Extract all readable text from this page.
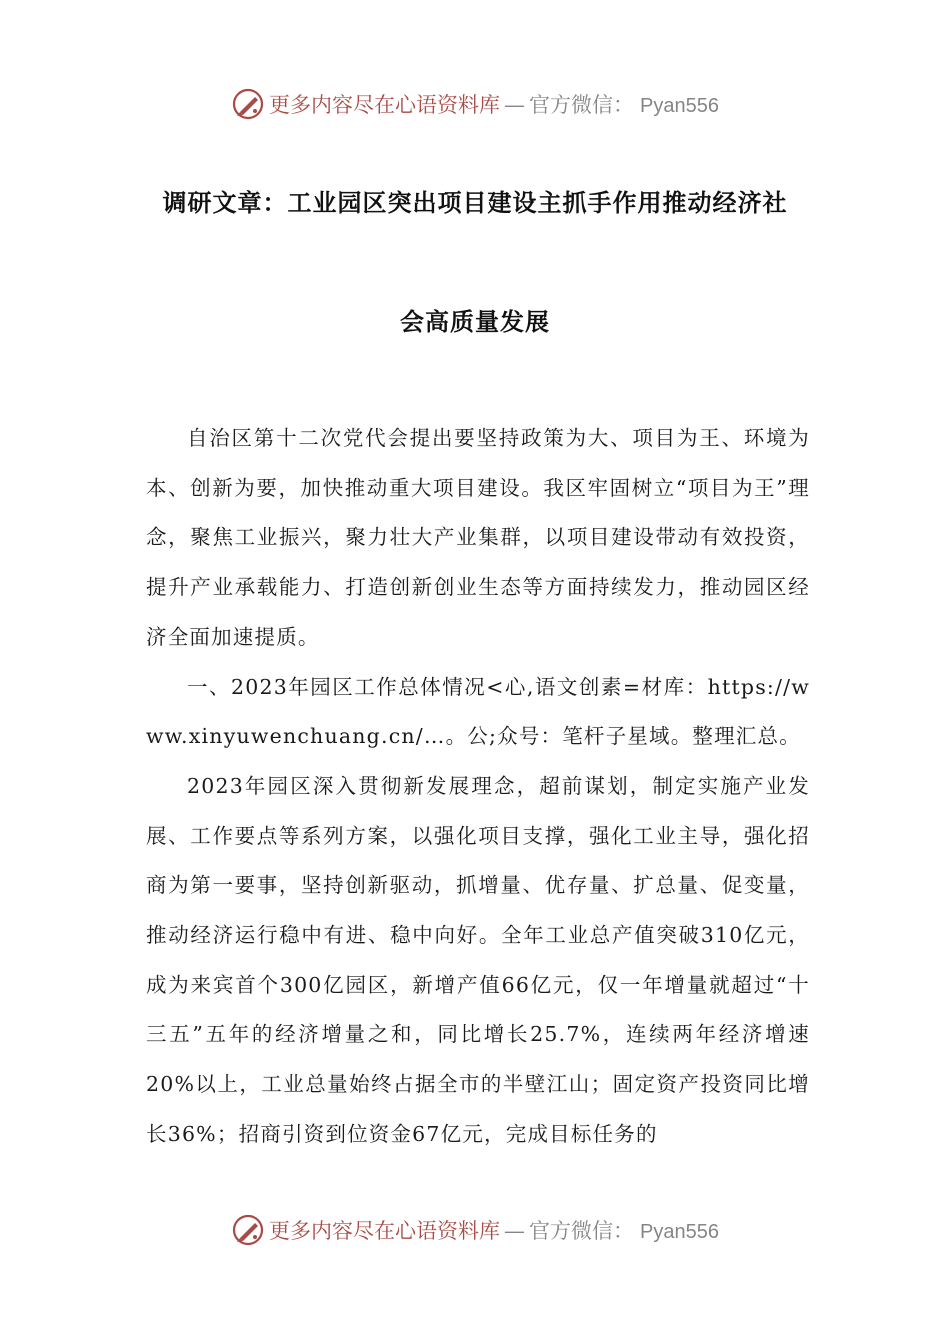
更多内容尽在心语资料库 — 官方微信： Pyan556
调研文章：工业园区突出项目建设主抓手作用推动经济社
会高质量发展

自治区第十二次党代会提出要坚持政策为大、项目为王、环境为本、创新为要，加快推动重大项目建设。我区牢固树立“项目为王”理念，聚焦工业振兴，聚力壮大产业集群，以项目建设带动有效投资，提升产业承载能力、打造创新创业生态等方面持续发力，推动园区经济全面加速提质。

一、2023年园区工作总体情况<心,语文创素=材库：https://www.xinyuwenchuang.cn/…。公;众号：笔杆子星域。整理汇总。

2023年园区深入贯彻新发展理念，超前谋划，制定实施产业发展、工作要点等系列方案，以强化项目支撑，强化工业主导，强化招商为第一要事，坚持创新驱动，抓增量、优存量、扩总量、促变量，推动经济运行稳中有进、稳中向好。全年工业总产值突破310亿元，成为来宾首个300亿园区，新增产值66亿元，仅一年增量就超过“十三五”五年的经济增量之和，同比增长25.7%，连续两年经济增速20%以上，工业总量始终占据全市的半壁江山；固定资产投资同比增长36%；招商引资到位资金67亿元，完成目标任务的

更多内容尽在心语资料库 — 官方微信： Pyan556
